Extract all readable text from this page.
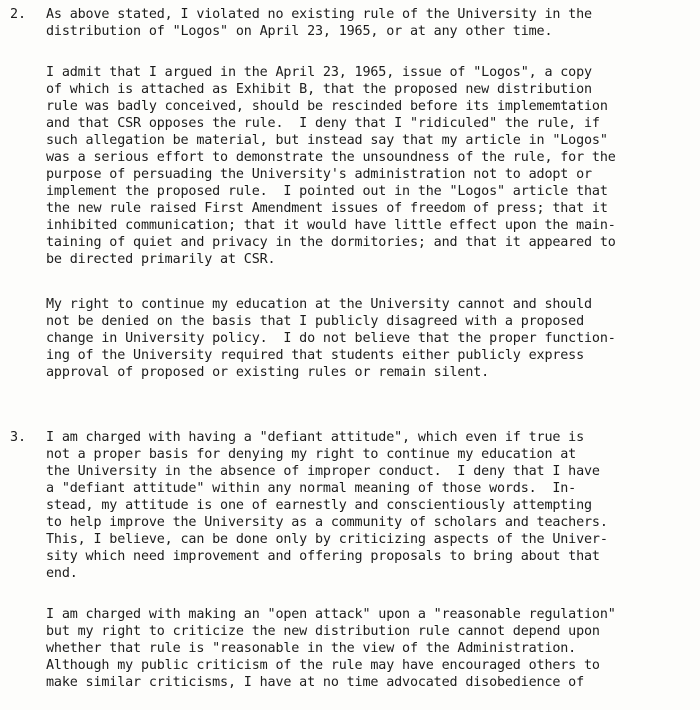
2.
3.
As above stated, I violated no existing rule of the University in the
distribution of "Logos" on April 23, 1965, or at any other time.
I admit that I argued in the April 23, 1965, issue of "Logos", a copy
of which is attached as Exhibit B, that the proposed new distribution
rule was badly conceived, should be rescinded before its implememtation
and that CSR opposes the rule.  I deny that I "ridiculed" the rule, if
such allegation be material, but instead say that my article in "Logos"
was a serious effort to demonstrate the unsoundness of the rule, for the
purpose of persuading the University's administration not to adopt or
implement the proposed rule.  I pointed out in the "Logos" article that
the new rule raised First Amendment issues of freedom of press; that it
inhibited communication; that it would have little effect upon the main-
taining of quiet and privacy in the dormitories; and that it appeared to
be directed primarily at CSR.
My right to continue my education at the University cannot and should
not be denied on the basis that I publicly disagreed with a proposed
change in University policy.  I do not believe that the proper function-
ing of the University required that students either publicly express
approval of proposed or existing rules or remain silent.
I am charged with having a "defiant attitude", which even if true is
not a proper basis for denying my right to continue my education at
the University in the absence of improper conduct.  I deny that I have
a "defiant attitude" within any normal meaning of those words.  In-
stead, my attitude is one of earnestly and conscientiously attempting
to help improve the University as a community of scholars and teachers.
This, I believe, can be done only by criticizing aspects of the Univer-
sity which need improvement and offering proposals to bring about that
end.
I am charged with making an "open attack" upon a "reasonable regulation"
but my right to criticize the new distribution rule cannot depend upon
whether that rule is "reasonable in the view of the Administration.
Although my public criticism of the rule may have encouraged others to
make similar criticisms, I have at no time advocated disobedience of
